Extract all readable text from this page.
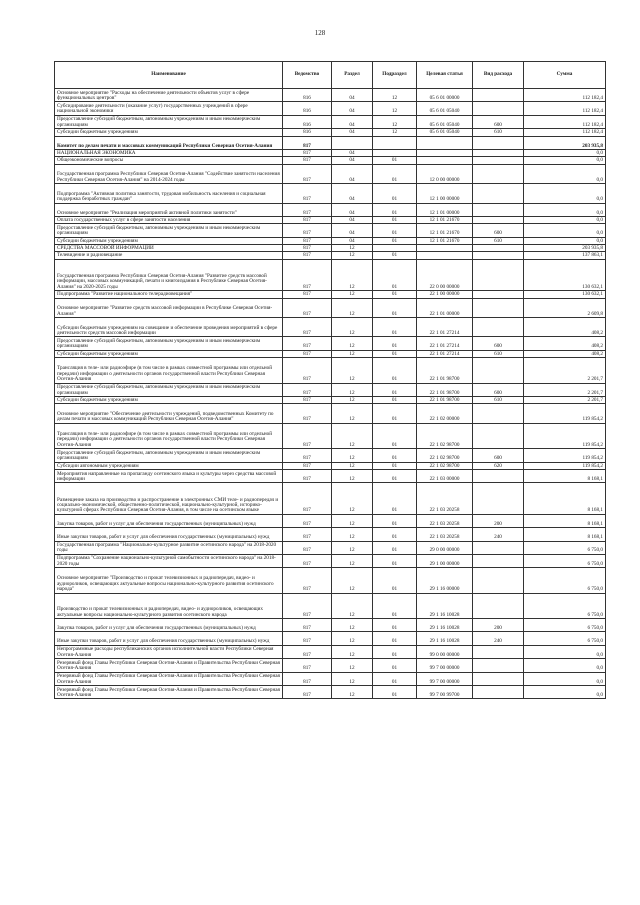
128
Наименование	Ведомство	Раздел	Подраздел	Целевая статья	Вид расхода	Сумма
Основное мероприятие "Расходы на обеспечение деятельности объектов услуг в сфере функциональных центров"	816	04	12	05 6 01 00000		112 182,4
Субсидирование деятельности (оказание услуг) государственных учреждений в сфере национальной экономики	816	04	12	05 6 01 05040		112 182,4
Предоставление субсидий бюджетным, автономным учреждениям и иным некоммерческим организациям	816	04	12	05 6 01 05040	600	112 182,4
Субсидии бюджетным учреждениям	816	04	12	05 6 01 05040	610	112 182,4
Комитет по делам печати и массовых коммуникаций Республики Северная Осетия-Алания	817					203 935,8
НАЦИОНАЛЬНАЯ ЭКОНОМИКА	817	04				0,0
Общеэкономические вопросы	817	04	01			0,0
Государственная программа Республики Северная Осетия-Алания "Содействие занятости населения Республики Северная Осетия-Алания" на 2014-2024 годы	817	04	01	12 0 00 00000		0,0
Подпрограмма "Активная политика занятости, трудовая мобильность населения и социальная поддержка безработных граждан"	817	04	01	12 1 00 00000		0,0
Основное мероприятие "Реализация мероприятий активной политики занятости"	817	04	01	12 1 01 00000		0,0
Оплата государственных услуг в сфере занятости населения	817	04	01	12 1 01 21670		0,0
Предоставление субсидий бюджетным, автономным учреждениям и иным некоммерческим организациям	817	04	01	12 1 01 21670	600	0,0
Субсидии бюджетным учреждениям	817	04	01	12 1 01 21670	610	0,0
СРЕДСТВА МАССОВОЙ ИНФОРМАЦИИ	817	12				203 935,8
Телевидение и радиовещание	817	12	01			137 863,1
Государственная программа Республики Северная Осетия-Алания "Развитие средств массовой информации, массовых коммуникаций, печати и книгоиздания в Республике Северная Осетия-Алания" на 2020-2025 годы	817	12	01	22 0 00 00000		130 632,1
Подпрограмма "Развитие национального телерадиовещания"	817	12	01	22 1 00 00000		130 632,1
Основное мероприятие "Развитие средств массовой информации в Республике Северная Осетия-Алания"	817	12	01	22 1 01 00000		2 609,8
Субсидии бюджетным учреждениям на совещание и обеспечение проведения мероприятий в сфере деятельности средств массовой информации	817	12	01	22 1 01 27214		408,2
Предоставление субсидий бюджетным, автономным учреждениям и иным некоммерческим организациям	817	12	01	22 1 01 27214	600	408,2
Субсидии бюджетным учреждениям	817	12	01	22 1 01 27214	610	408,2
Трансляция в теле- или радиоэфире (в том числе в рамках совместной программы или отдельной передачи) информации о деятельности органов государственной власти Республики Северная Осетия-Алания	817	12	01	22 1 01 98700		2 201,7
Предоставление субсидий бюджетным, автономным учреждениям и иным некоммерческим организациям	817	12	01	22 1 01 98700	600	2 201,7
Субсидии бюджетным учреждениям	817	12	01	22 1 01 98700	610	2 201,7
Основное мероприятие "Обеспечение деятельности учреждений, подведомственных Комитету по делам печати и массовых коммуникаций Республики Северная Осетия-Алания"	817	12	01	22 1 02 00000		119 854,2
Трансляция в теле- или радиоэфире (в том числе в рамках совместной программы или отдельной передачи) информации о деятельности органов государственной власти Республики Северная Осетия-Алания	817	12	01	22 1 02 98700		119 854,2
Предоставление субсидий бюджетным, автономным учреждениям и иным некоммерческим организациям	817	12	01	22 1 02 98700	600	119 854,2
Субсидии автономным учреждениям	817	12	01	22 1 02 98700	620	119 854,2
Мероприятия направленные на пропаганду осетинского языка и культуры через средства массовой информации	817	12	01	22 1 03 00000		8 168,1
Размещение заказа на производство и распространение в электронных СМИ теле- и радиопередач и социально-экономической, общественно-политической, национально-культурной, историко-культурной сферах Республики Северная Осетия-Алания, в том числе на осетинском языке	817	12	01	22 1 03 20258		8 168,1
Закупка товаров, работ и услуг для обеспечения государственных (муниципальных) нужд	817	12	01	22 1 03 20258	200	8 168,1
Иные закупки товаров, работ и услуг для обеспечения государственных (муниципальных) нужд	817	12	01	22 1 03 20258	240	8 168,1
Государственная программа "Национально-культурное развитие осетинского народа" на 2018-2020 годы	817	12	01	29 0 00 00000		6 750,0
Подпрограмма "Сохранение национально-культурной самобытности осетинского народа" на 2018-2020 годы	817	12	01	29 1 00 00000		6 750,0
Основное мероприятие "Производство и прокат телевизионных и радиопередач, видео- и аудиороликов, освещающих актуальные вопросы национально-культурного развития осетинского народа"	817	12	01	29 1 16 00000		6 750,0
Производство и прокат телевизионных и радиопередач, видео- и аудиороликов, освещающих актуальные вопросы национально-культурного развития осетинского народа	817	12	01	29 1 16 10028		6 750,0
Закупка товаров, работ и услуг для обеспечения государственных (муниципальных) нужд	817	12	01	29 1 16 10028	200	6 750,0
Иные закупки товаров, работ и услуг для обеспечения государственных (муниципальных) нужд	817	12	01	29 1 16 10028	240	6 750,0
Непрограммные расходы республиканских органов исполнительной власти Республики Северная Осетия-Алания	817	12	01	99 0 00 00000		0,0
Резервный фонд Главы Республики Северная Осетия-Алания и Правительства Республики Северная Осетия-Алания	817	12	01	99 7 00 00000		0,0
Резервный фонд Главы Республики Северная Осетия-Алания и Правительства Республики Северная Осетия-Алания	817	12	01	99 7 00 00000		0,0
Резервный фонд Главы Республики Северная Осетия-Алания и Правительства Республики Северная Осетия-Алания	817	12	01	99 7 00 99700		0,0
